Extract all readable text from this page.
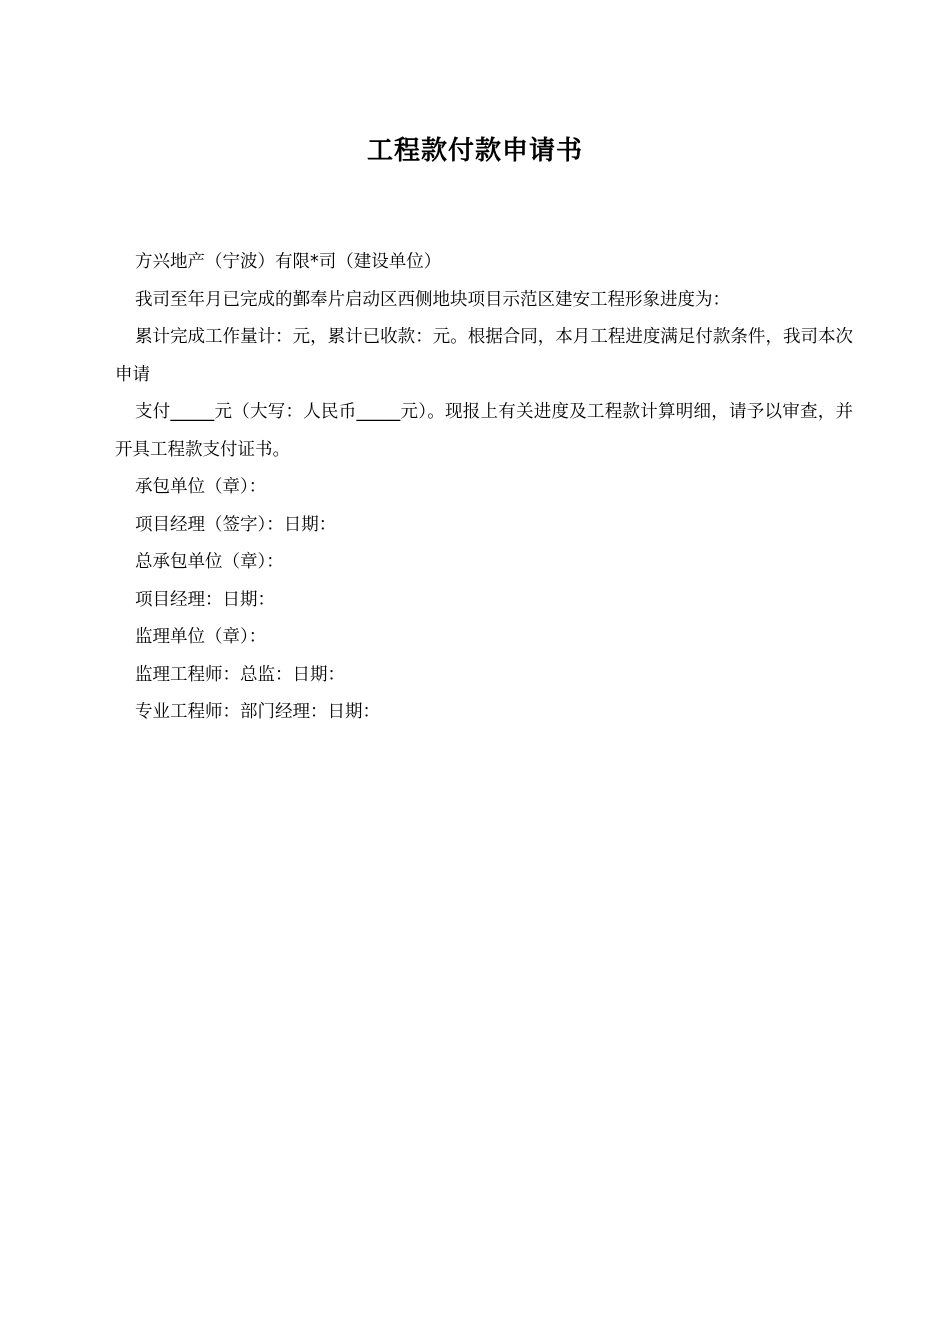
工程款付款申请书

方兴地产（宁波）有限*司（建设单位）

我司至年月已完成的鄞奉片启动区西侧地块项目示范区建安工程形象进度为：

累计完成工作量计：元，累计已收款：元。根据合同，本月工程进度满足付款条件，我司本次申请

支付_____元（大写：人民币_____元）。现报上有关进度及工程款计算明细，请予以审查，并开具工程款支付证书。

承包单位（章）：

项目经理（签字）：日期：

总承包单位（章）：

项目经理：日期：

监理单位（章）：

监理工程师：总监：日期：

专业工程师：部门经理：日期：
